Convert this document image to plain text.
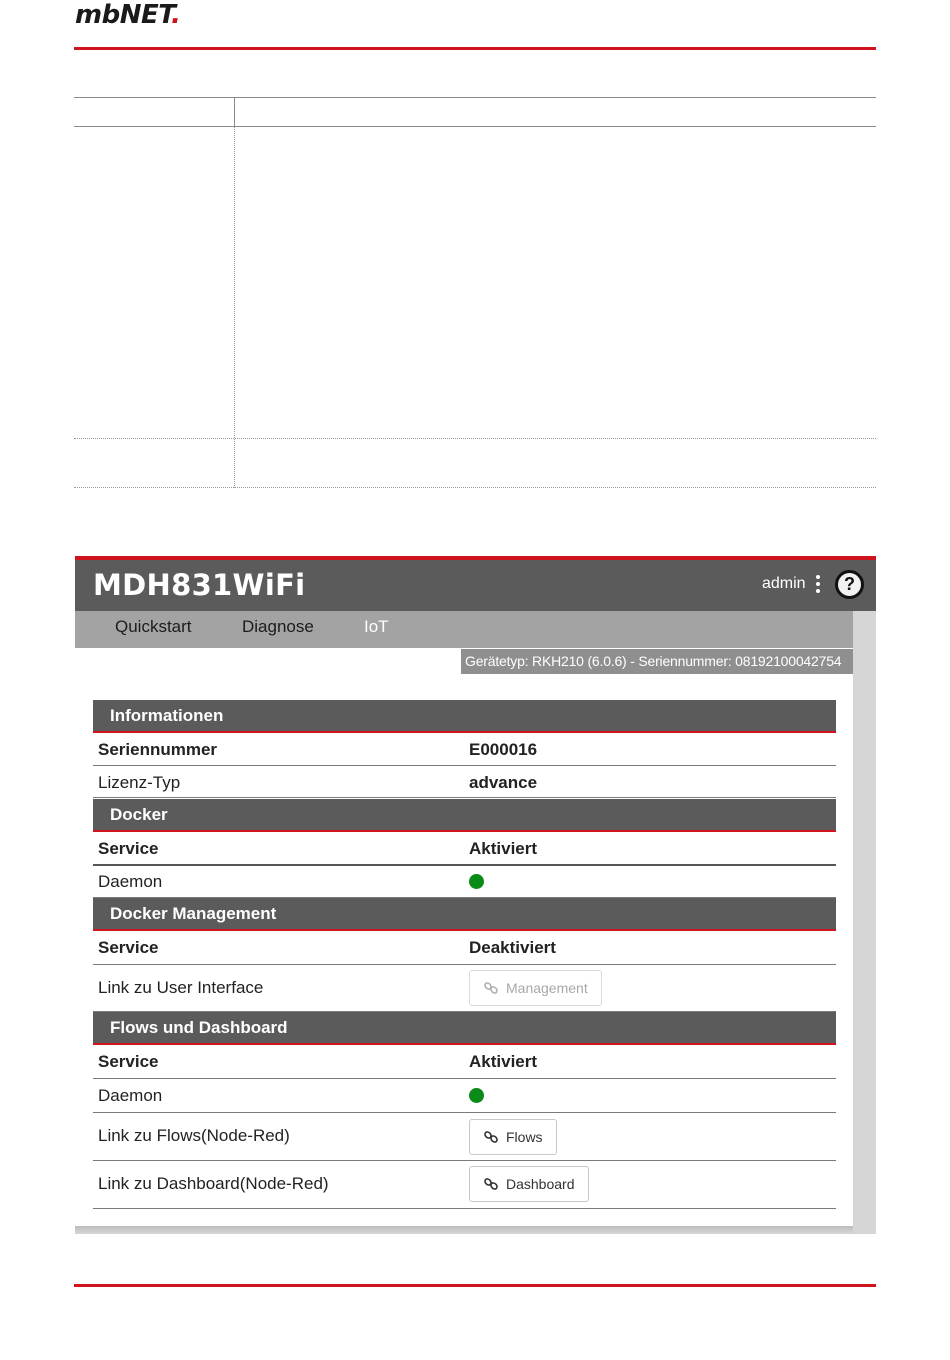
mbNET.
MDH831WiFi	admin	?
Quickstart	Diagnose	IoT
Gerätetyp: RKH210 (6.0.6) - Seriennummer: 08192100042754
Informationen
Seriennummer	E000016
Lizenz-Typ	advance
Docker
Service	Aktiviert
Daemon
Docker Management
Service	Deaktiviert
Link zu User Interface	Management
Flows und Dashboard
Service	Aktiviert
Daemon
Link zu Flows(Node-Red)	Flows
Link zu Dashboard(Node-Red)	Dashboard
